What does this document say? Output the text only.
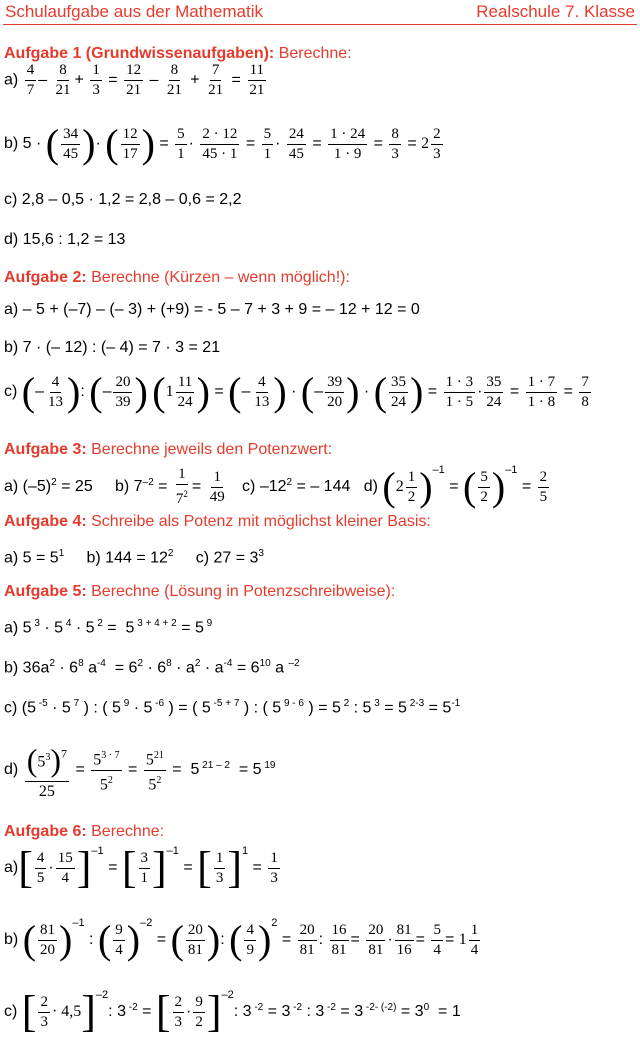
Schulaufgabe aus der Mathematik	Realschule 7. Klasse
Aufgabe 1 (Grundwissenaufgaben): Berechne:
$a) \frac{4}{7} - \frac{8}{21} + \frac{1}{3} = \frac{12}{21} - \frac{8}{21} + \frac{7}{21} = \frac{11}{21}$
b) 5 · ( $\frac{34}{45}$ ) · ( $\frac{12}{17}$ ) = $\frac{5}{1} \cdot \frac{2 \cdot 12}{45 \cdot 1} = \frac{5}{1} \cdot \frac{24}{45} = \frac{1 \cdot 24}{1 \cdot 9} = \frac{8}{3} = 2 \frac{2}{3}$
c) 2,8 – 0,5 · 1,2 = 2,8 – 0,6 = 2,2
d) 15,6 : 1,2 = 13
Aufgabe 2: Berechne (Kürzen – wenn möglich!):
a) – 5 + (–7) – (– 3) + (+9) = - 5 – 7 + 3 + 9 = – 12 + 12 = 0
b) 7 · (– 12) : (– 4) = 7 · 3 = 21
c) ( – $\frac{4}{13}$ ) : ( – $\frac{20}{39}$ )
( $1 \frac{11}{24}$ ) = ( – $\frac{4}{13}$ ) · ( – $\frac{39}{20}$ ) · ( $\frac{35}{24}$ ) = $\frac{1 \cdot 3}{1 \cdot 5} \cdot \frac{35}{24} = \frac{1 \cdot 7}{1 \cdot 8} = \frac{7}{8}$
Aufgabe 3: Berechne jeweils den Potenzwert:
a) $(-5)^2 = 25$ b) $7^{-2} = \frac{1}{7^2} = \frac{1}{49} c$) $-12^2$ = – 144 d) ( $2 \frac{1}{2}$ ) $^{-1}$ = ( $\frac{5}{2}$ ) $^{-1} = \frac{2}{5}$
Aufgabe 4: Schreibe als Potenz mit möglichst kleiner Basis:
a) $5 = 5^1$ b) $144 = 12^2$ c) $27 = 3^3$
Aufgabe 5: Berechne (Lösung in Potenzschreibweise):
a) 5 $^3$ · 5 $^4$ · 5 $^2$ =  5 $^{3 + 4 + 2}$ = 5 $^9$
b) $36a^2 \cdot 6^8$ $a^{-4} = 6^2 \cdot 6^8 \cdot a^2 \cdot a^{-4} = 6^{10}$ a $^{-2}$
c) (5 $^{-5}$ · 5 $^7$ ) : ( 5 $^9$ · 5 $^{-6}$ ) = ( 5 $^{-5 + 7}$ ) : ( 5 $^{9 - 6}$ ) = 5 $^2$ : 5 $^3$ = 5 $^{2-3} = 5^{-1}$
$d) \frac{( 5^3 ) ^7}{25} = \frac{5^{3 \cdot 7}}{5^2} = \frac{5^{21}}{5^2} = 5$ $^{21 - 2}$  = 5 $^{19}$
Aufgabe 6: Berechne:
a) [ $\frac{4}{5} \cdot \frac{15}{4}$ ] $^{-1}$ = [ $\frac{3}{1}$ ] $^{-1}$ = [ $\frac{1}{3}$ ] $^1 = \frac{1}{3}$
b) ( $\frac{81}{20}$ ) $^{-1}$ : ( $\frac{9}{4}$ ) $^{-2}$ = ( $\frac{20}{81}$ ) : ( $\frac{4}{9}$ ) $^2 = \frac{20}{81}$ : $\frac{16}{81} = \frac{20}{81} \cdot \frac{81}{16} = \frac{5}{4} = 1 \frac{1}{4}$
c) [ $\frac{2}{3} \cdot 4,5$ ] $^{-2}$: 3 $^{-2}$ = [ $\frac{2}{3} \cdot \frac{9}{2}$ ] $^{-2}$: 3 $^{-2}$ = 3 $^{-2}$ : 3 $^{-2}$ = 3 $^{-2- (-2)} = 3^0 = 1$
